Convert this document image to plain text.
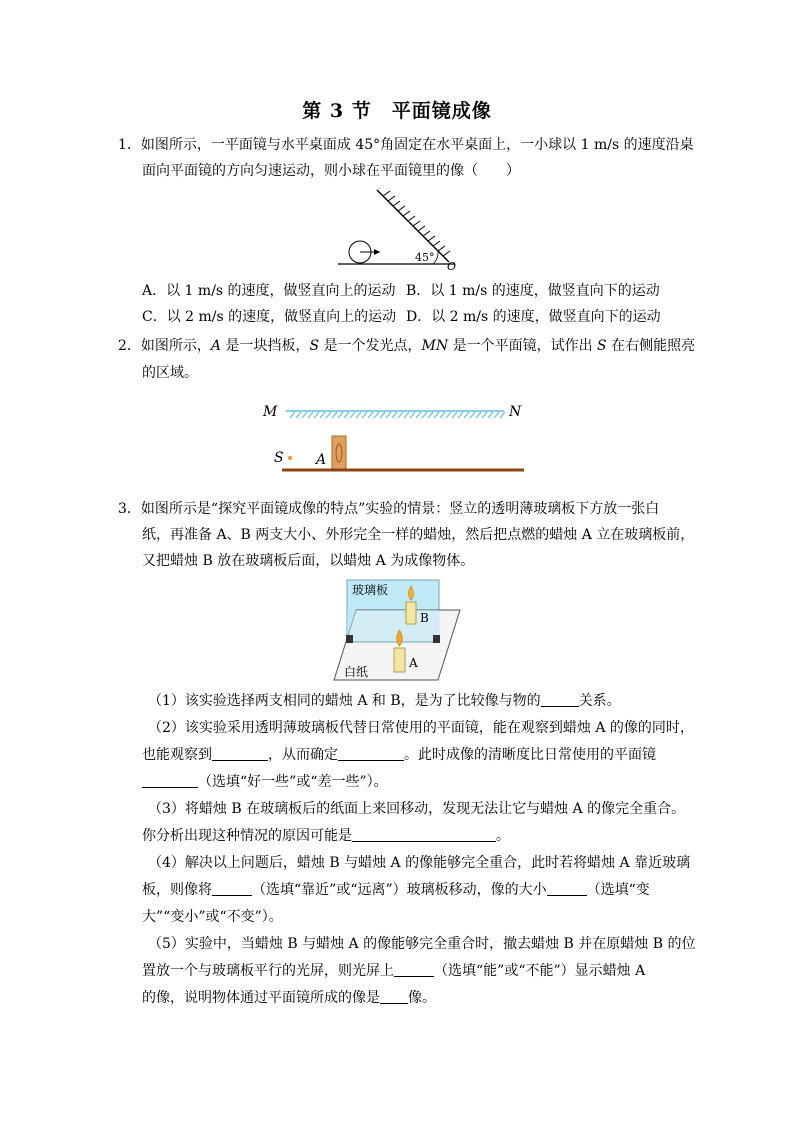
第 3 节　平面镜成像
1．如图所示，一平面镜与水平桌面成 45°角固定在水平桌面上，一小球以 1 m/s 的速度沿桌
面向平面镜的方向匀速运动，则小球在平面镜里的像（　　）
45°
O
A．以 1 m/s 的速度，做竖直向上的运动 B．以 1 m/s 的速度，做竖直向下的运动
C．以 2 m/s 的速度，做竖直向上的运动 D．以 2 m/s 的速度，做竖直向下的运动
2．如图所示，A 是一块挡板，S 是一个发光点，MN 是一个平面镜，试作出 S 在右侧能照亮
的区域。
M	N
S A
3．如图所示是“探究平面镜成像的特点”实验的情景：竖立的透明薄玻璃板下方放一张白
纸，再准备 A、B 两支大小、外形完全一样的蜡烛，然后把点燃的蜡烛 A 立在玻璃板前，
又把蜡烛 B 放在玻璃板后面，以蜡烛 A 为成像物体。
玻璃板
白纸
B
A
（1）该实验选择两支相同的蜡烛 A 和 B，是为了比较像与物的	关系。
（2）该实验采用透明薄玻璃板代替日常使用的平面镜，能在观察到蜡烛 A 的像的同时，
也能观察到	，从而确定	。此时成像的清晰度比日常使用的平面镜
（选填“好一些”或“差一些”）。
（3）将蜡烛 B 在玻璃板后的纸面上来回移动，发现无法让它与蜡烛 A 的像完全重合。
你分析出现这种情况的原因可能是	。
（4）解决以上问题后，蜡烛 B 与蜡烛 A 的像能够完全重合，此时若将蜡烛 A 靠近玻璃
板，则像将	（选填“靠近”或“远离”）玻璃板移动，像的大小	（选填“变
大”“变小”或“不变”）。
（5）实验中，当蜡烛 B 与蜡烛 A 的像能够完全重合时，撤去蜡烛 B 并在原蜡烛 B 的位
置放一个与玻璃板平行的光屏，则光屏上	（选填“能”或“不能”）显示蜡烛 A
的像，说明物体通过平面镜所成的像是 像。
